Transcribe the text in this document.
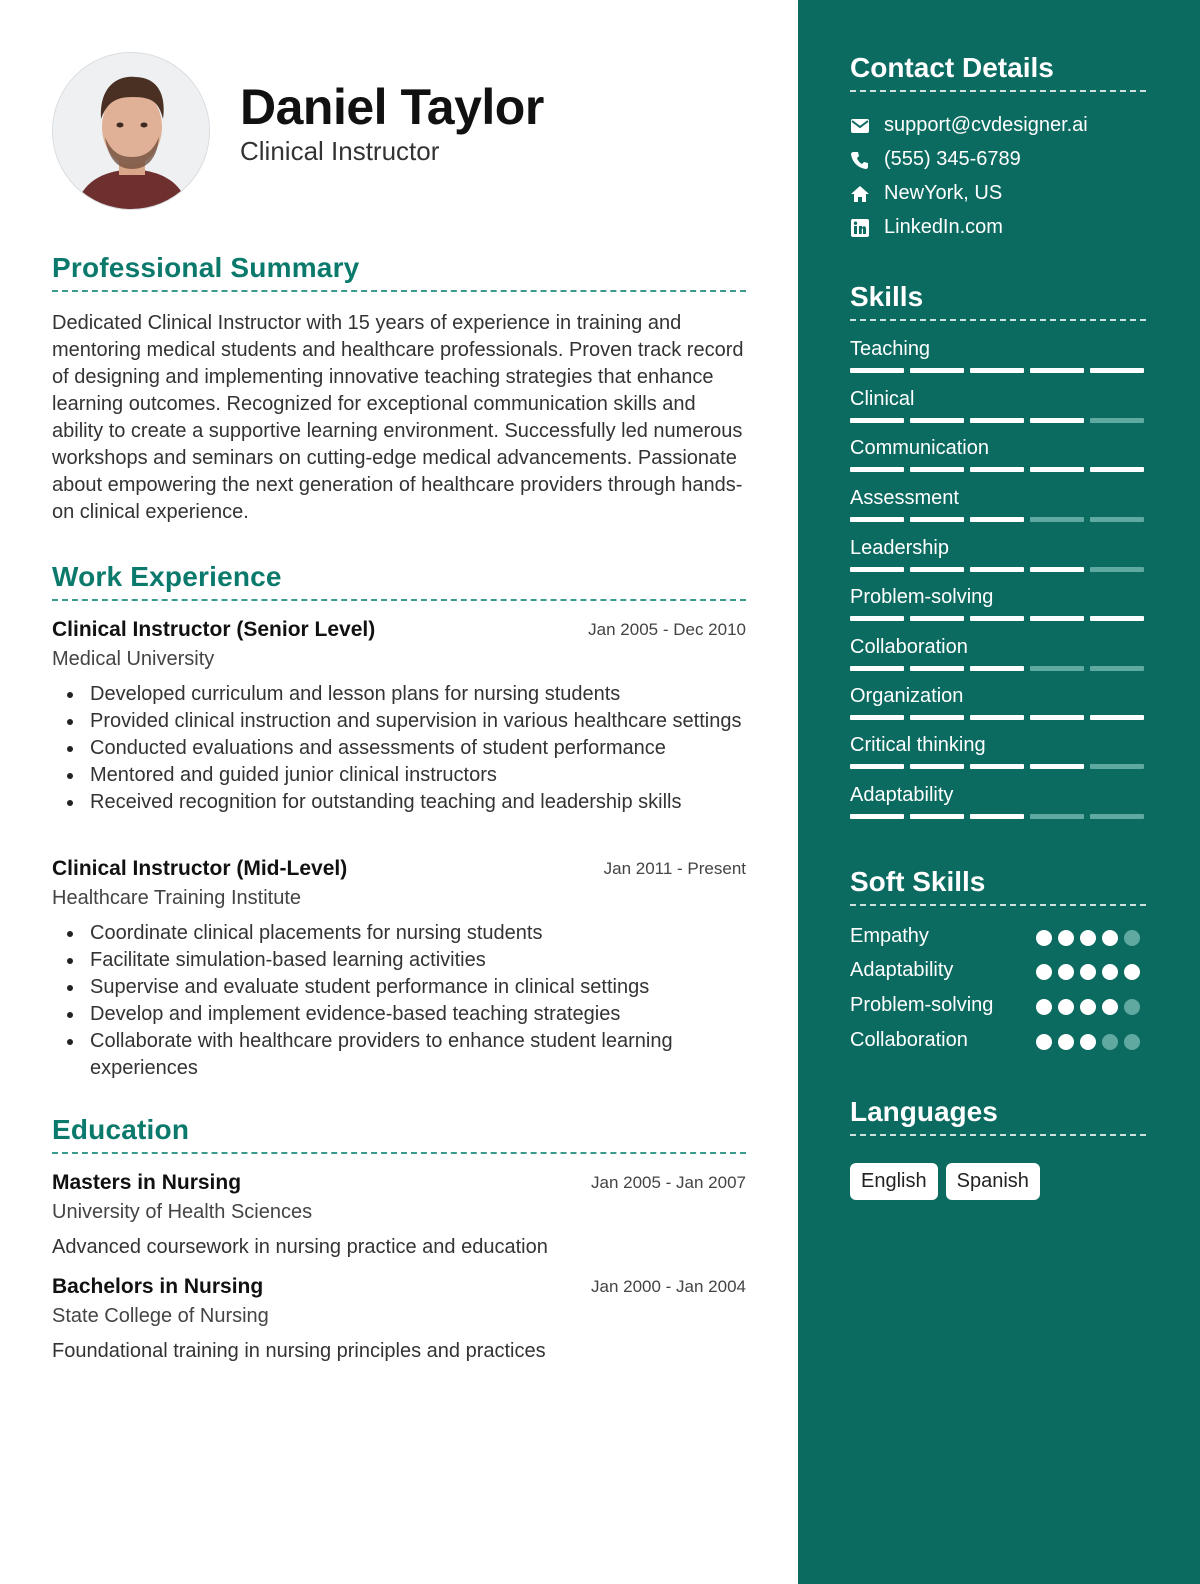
Daniel Taylor
Clinical Instructor
Professional Summary
Dedicated Clinical Instructor with 15 years of experience in training and mentoring medical students and healthcare professionals. Proven track record of designing and implementing innovative teaching strategies that enhance learning outcomes. Recognized for exceptional communication skills and ability to create a supportive learning environment. Successfully led numerous workshops and seminars on cutting-edge medical advancements. Passionate about empowering the next generation of healthcare providers through hands-on clinical experience.
Work Experience
Clinical Instructor (Senior Level)	Jan 2005 - Dec 2010
Medical University
Developed curriculum and lesson plans for nursing students
Provided clinical instruction and supervision in various healthcare settings
Conducted evaluations and assessments of student performance
Mentored and guided junior clinical instructors
Received recognition for outstanding teaching and leadership skills
Clinical Instructor (Mid-Level)	Jan 2011 - Present
Healthcare Training Institute
Coordinate clinical placements for nursing students
Facilitate simulation-based learning activities
Supervise and evaluate student performance in clinical settings
Develop and implement evidence-based teaching strategies
Collaborate with healthcare providers to enhance student learning experiences
Education
Masters in Nursing	Jan 2005 - Jan 2007
University of Health Sciences
Advanced coursework in nursing practice and education
Bachelors in Nursing	Jan 2000 - Jan 2004
State College of Nursing
Foundational training in nursing principles and practices
Contact Details
support@cvdesigner.ai
(555) 345-6789
NewYork, US
LinkedIn.com
Skills
Teaching
Clinical
Communication
Assessment
Leadership
Problem-solving
Collaboration
Organization
Critical thinking
Adaptability
Soft Skills
Empathy
Adaptability
Problem-solving
Collaboration
Languages
English	Spanish
